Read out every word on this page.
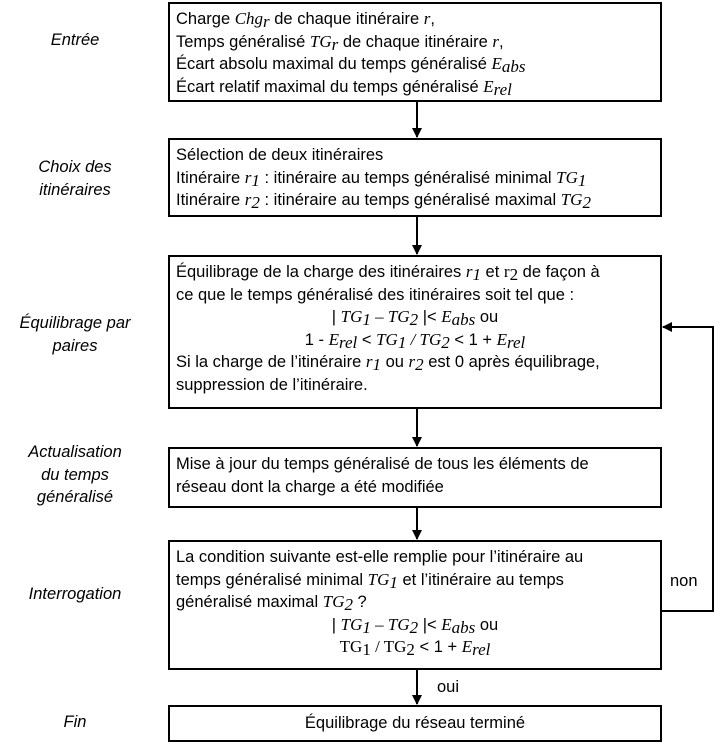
Entrée
Choix des
itinéraires
Équilibrage par
paires
Actualisation
du temps
généralisé
Interrogation
Fin
Charge Chg$_r$ de chaque itinéraire r,
Temps généralisé $TG_r$ de chaque itinéraire r,
Écart absolu maximal du temps généralisé $E_{abs}$
Écart relatif maximal du temps généralisé $E_{rel}$
Sélection de deux itinéraires
Itinéraire $r_1$ : itinéraire au temps généralisé minimal $TG_1$
Itinéraire $r_2$ : itinéraire au temps généralisé maximal $TG_2$
Équilibrage de la charge des itinéraires $r_1$ et $r_2$ de façon à
ce que le temps généralisé des itinéraires soit tel que :
| $TG_1 - TG_2$ |< $E_{abs}$ ou
$1 - E_{rel} < TG_1 / TG_2 < 1 + E_{rel}$
Si la charge de l’itinéraire $r_1$ ou $r_2$ est 0 après équilibrage,
suppression de l’itinéraire.
Mise à jour du temps généralisé de tous les éléments de
réseau dont la charge a été modifiée
La condition suivante est-elle remplie pour l’itinéraire au
temps généralisé minimal $TG_1$ et l’itinéraire au temps
généralisé maximal $TG_2$ ?
| $TG_1 - TG_2$ |< $E_{abs}$ ou
$TG_1 / TG_2 < 1 + E_{rel}$
Équilibrage du réseau terminé
non
oui
